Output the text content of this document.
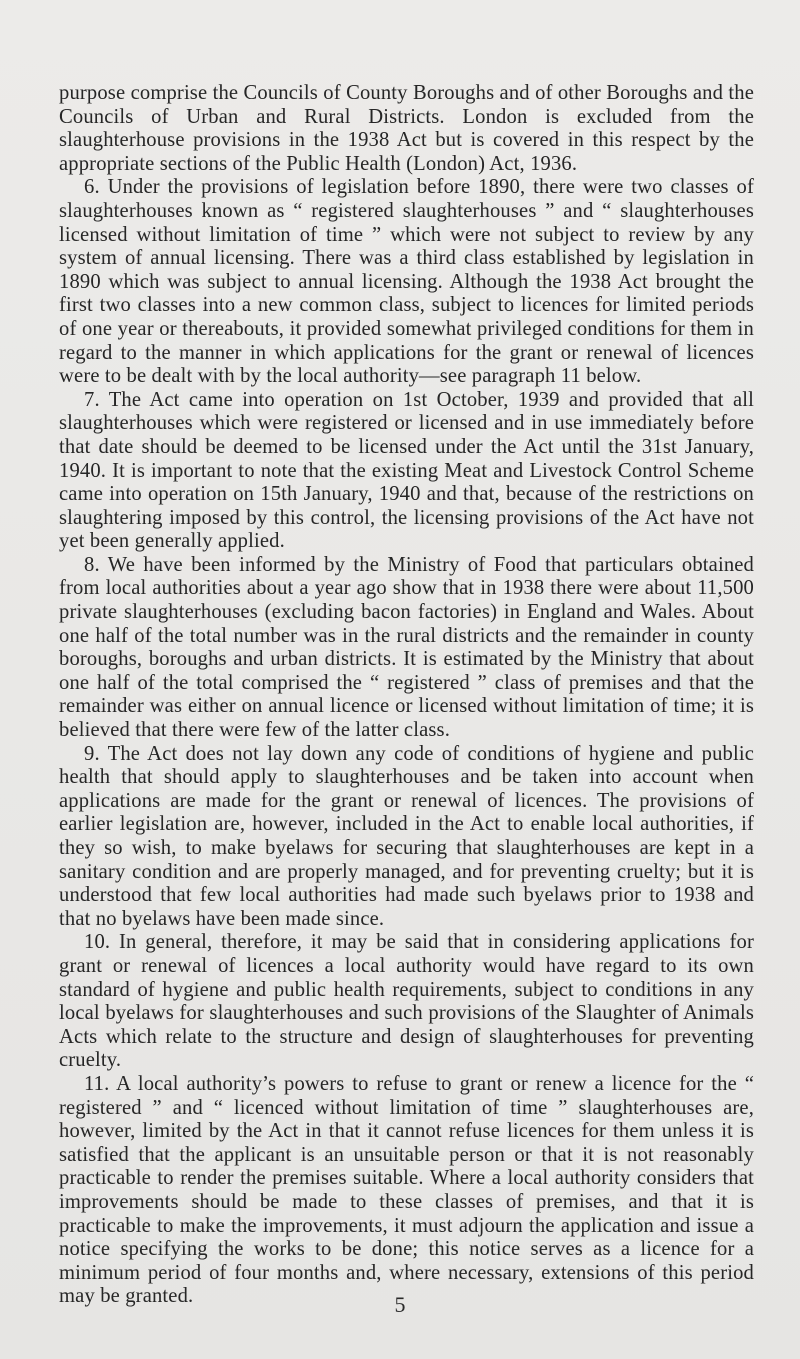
purpose comprise the Councils of County Boroughs and of other Boroughs and the Councils of Urban and Rural Districts. London is excluded from the slaughterhouse provisions in the 1938 Act but is covered in this respect by the appropriate sections of the Public Health (London) Act, 1936.

6. Under the provisions of legislation before 1890, there were two classes of slaughterhouses known as “ registered slaughterhouses ” and “ slaughterhouses licensed without limitation of time ” which were not subject to review by any system of annual licensing. There was a third class established by legislation in 1890 which was subject to annual licensing. Although the 1938 Act brought the first two classes into a new common class, subject to licences for limited periods of one year or thereabouts, it provided somewhat privileged conditions for them in regard to the manner in which applications for the grant or renewal of licences were to be dealt with by the local authority—see paragraph 11 below.

7. The Act came into operation on 1st October, 1939 and provided that all slaughterhouses which were registered or licensed and in use immediately before that date should be deemed to be licensed under the Act until the 31st January, 1940. It is important to note that the existing Meat and Livestock Control Scheme came into operation on 15th January, 1940 and that, because of the restrictions on slaughtering imposed by this control, the licensing provisions of the Act have not yet been generally applied.

8. We have been informed by the Ministry of Food that particulars obtained from local authorities about a year ago show that in 1938 there were about 11,500 private slaughterhouses (excluding bacon factories) in England and Wales. About one half of the total number was in the rural districts and the remainder in county boroughs, boroughs and urban districts. It is estimated by the Ministry that about one half of the total comprised the “ registered ” class of premises and that the remainder was either on annual licence or licensed without limitation of time; it is believed that there were few of the latter class.

9. The Act does not lay down any code of conditions of hygiene and public health that should apply to slaughterhouses and be taken into account when applications are made for the grant or renewal of licences. The provisions of earlier legislation are, however, included in the Act to enable local authorities, if they so wish, to make byelaws for securing that slaughterhouses are kept in a sanitary condition and are properly managed, and for preventing cruelty; but it is understood that few local authorities had made such byelaws prior to 1938 and that no byelaws have been made since.

10. In general, therefore, it may be said that in considering applications for grant or renewal of licences a local authority would have regard to its own standard of hygiene and public health requirements, subject to conditions in any local byelaws for slaughterhouses and such provisions of the Slaughter of Animals Acts which relate to the structure and design of slaughterhouses for preventing cruelty.

11. A local authority’s powers to refuse to grant or renew a licence for the “ registered ” and “ licenced without limitation of time ” slaughterhouses are, however, limited by the Act in that it cannot refuse licences for them unless it is satisfied that the applicant is an unsuitable person or that it is not reasonably practicable to render the premises suitable. Where a local authority considers that improvements should be made to these classes of premises, and that it is practicable to make the improvements, it must adjourn the application and issue a notice specifying the works to be done; this notice serves as a licence for a minimum period of four months and, where necessary, extensions of this period may be granted.	5
